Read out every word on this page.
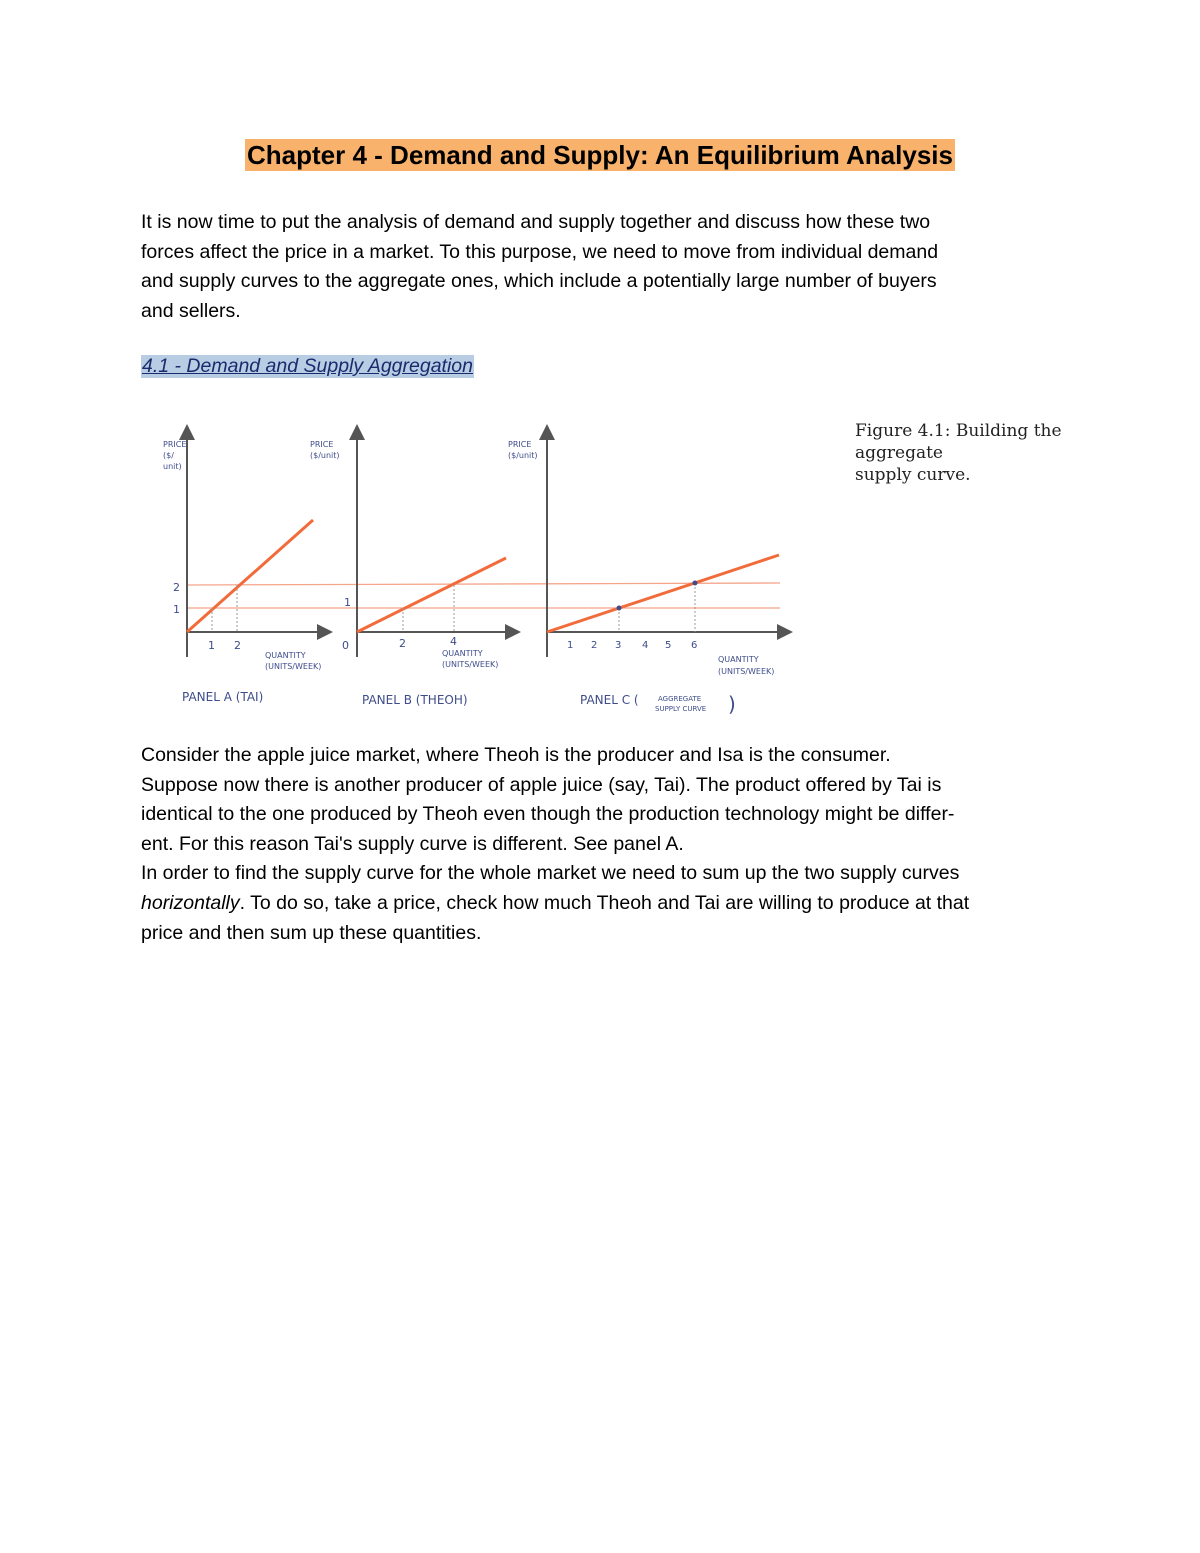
Chapter 4 - Demand and Supply: An Equilibrium Analysis

It is now time to put the analysis of demand and supply together and discuss how these two

forces affect the price in a market. To this purpose, we need to move from individual demand

and supply curves to the aggregate ones, which include a potentially large number of buyers

and sellers.

4.1 - Demand and Supply Aggregation
PRICE ($/ unit)
2
1
1 2
QUANTITY (UNITS/WEEK)
PANEL A (TAI)
PRICE ($/unit)
1
0	2	4
QUANTITY (UNITS/WEEK)
PANEL B (THEOH)
PRICE ($/unit)
1 2 3 4 5 6
QUANTITY (UNITS/WEEK)
PANEL C (	AGGREGATE SUPPLY CURVE )
Figure 4.1: Building the aggregate
supply curve.

Consider the apple juice market, where Theoh is the producer and Isa is the consumer.

Suppose now there is another producer of apple juice (say, Tai). The product offered by Tai is

identical to the one produced by Theoh even though the production technology might be differ-

ent. For this reason Tai's supply curve is different. See panel A.

In order to find the supply curve for the whole market we need to sum up the two supply curves

horizontally. To do so, take a price, check how much Theoh and Tai are willing to produce at that

price and then sum up these quantities.
